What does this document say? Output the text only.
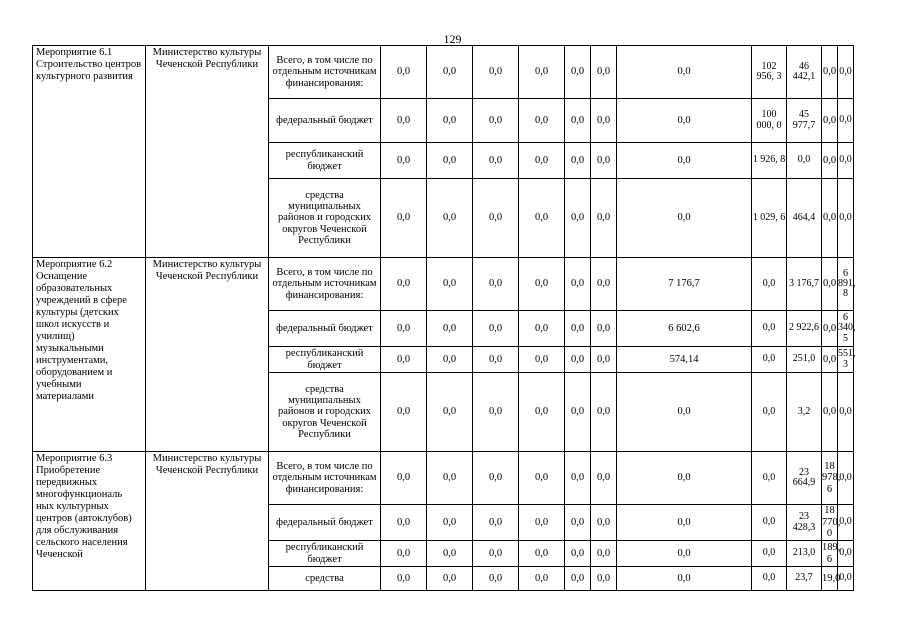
129
Мероприятие 6.1 Строительство центров культурного развития	Министерство культуры Чеченской Республики	Всего, в том числе по отдельным источникам финансирования:	0,0	0,0	0,0	0,0	0,0	0,0	0,0	102 956, 3	46 442,1	0,0	0,0
		федеральный бюджет	0,0	0,0	0,0	0,0	0,0	0,0	0,0	100 000, 0	45 977,7	0,0	0,0
		республиканский бюджет	0,0	0,0	0,0	0,0	0,0	0,0	0,0	1 926, 8	0,0	0,0	0,0
		средства муниципальных районов и городских округов Чеченской Республики	0,0	0,0	0,0	0,0	0,0	0,0	0,0	1 029, 6	464,4	0,0	0,0
Мероприятие 6.2 Оснащение образовательных учреждений в сфере культуры (детских школ искусств и училищ) музыкальными инструментами, оборудованием и учебными материалами	Министерство культуры Чеченской Республики	Всего, в том числе по отдельным источникам финансирования:	0,0	0,0	0,0	0,0	0,0	0,0	7 176,7	0,0	3 176,7	0,0	6 891, 8
		федеральный бюджет	0,0	0,0	0,0	0,0	0,0	0,0	6 602,6	0,0	2 922,6	0,0	6 340, 5
		республиканский бюджет	0,0	0,0	0,0	0,0	0,0	0,0	574,14	0,0	251,0	0,0	551, 3
		средства муниципальных районов и городских округов Чеченской Республики	0,0	0,0	0,0	0,0	0,0	0,0	0,0	0,0	3,2	0,0	0,0
Мероприятие 6.3 Приобретение передвижных многофункциональ ных культурных центров (автоклубов) для обслуживания сельского населения Чеченской	Министерство культуры Чеченской Республики	Всего, в том числе по отдельным источникам финансирования:	0,0	0,0	0,0	0,0	0,0	0,0	0,0	0,0	23 664,9	18 978, 6	0,0
		федеральный бюджет	0,0	0,0	0,0	0,0	0,0	0,0	0,0	0,0	23 428,3	18 770, 0	0,0
		республиканский бюджет	0,0	0,0	0,0	0,0	0,0	0,0	0,0	0,0	213,0	189, 6	0,0
		средства	0,0	0,0	0,0	0,0	0,0	0,0	0,0	0,0	23,7	19,0	0,0
